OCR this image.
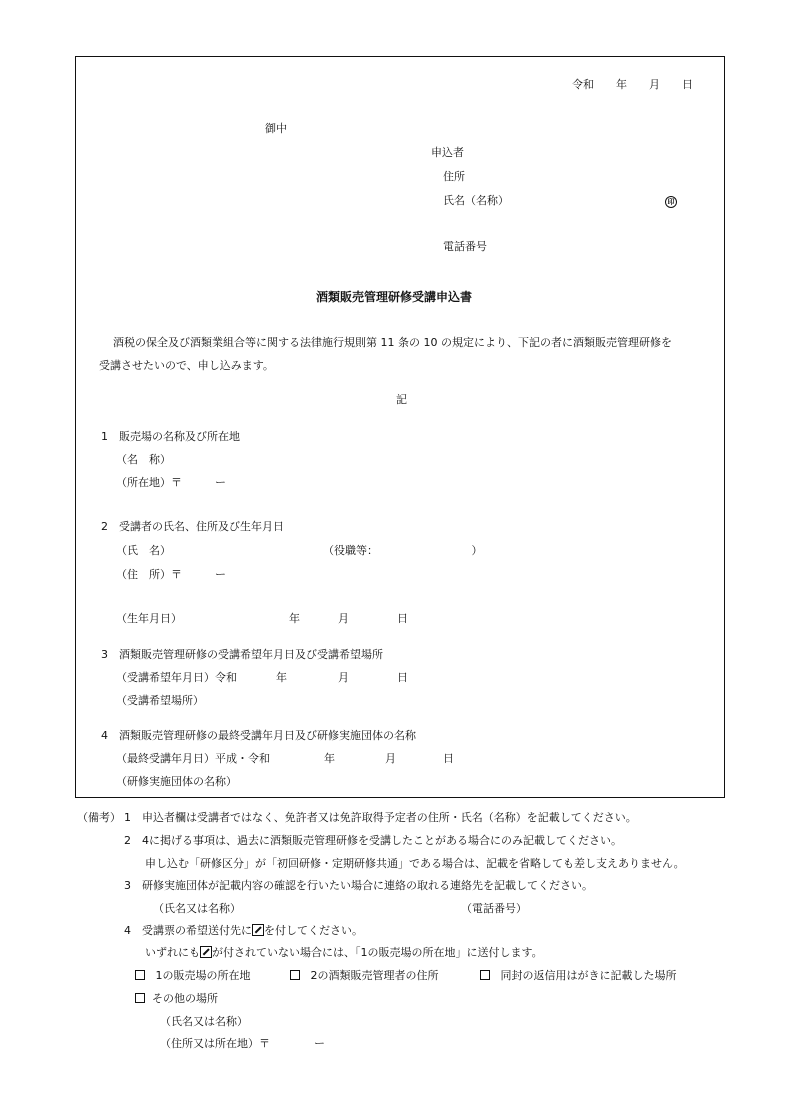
令和　　年　　月　　日
御中
申込者
住所
氏名（名称）	印
電話番号
酒類販売管理研修受講申込書
酒税の保全及び酒類業組合等に関する法律施行規則第 11 条の 10 の規定により、下記の者に酒類販売管理研修を
受講させたいので、申し込みます。
記
1　販売場の名称及び所在地
（名　称）
（所在地）〒　　　ー
2　受講者の氏名、住所及び生年月日
（氏　名）	（役職等：　　　　　　　　　）
（住　所）〒　　　ー
（生年月日）	年	月	日
3　酒類販売管理研修の受講希望年月日及び受講希望場所
（受講希望年月日）令和	年	月	日
（受講希望場所）
4　酒類販売管理研修の最終受講年月日及び研修実施団体の名称
（最終受講年月日）平成・令和	年	月	日
（研修実施団体の名称）
（備考） 1　申込者欄は受講者ではなく、免許者又は免許取得予定者の住所・氏名（名称）を記載してください。
2　4に掲げる事項は、過去に酒類販売管理研修を受講したことがある場合にのみ記載してください。
申し込む「研修区分」が「初回研修・定期研修共通」である場合は、記載を省略しても差し支えありません。
3　研修実施団体が記載内容の確認を行いたい場合に連絡の取れる連絡先を記載してください。
（氏名又は名称）	（電話番号）
4　受講票の希望送付先に を付してください。
いずれにも が付されていない場合には、「1の販売場の所在地」に送付します。
1の販売場の所在地	2の酒類販売管理者の住所	同封の返信用はがきに記載した場所
その他の場所
（氏名又は名称）
（住所又は所在地）〒　　　　ー
